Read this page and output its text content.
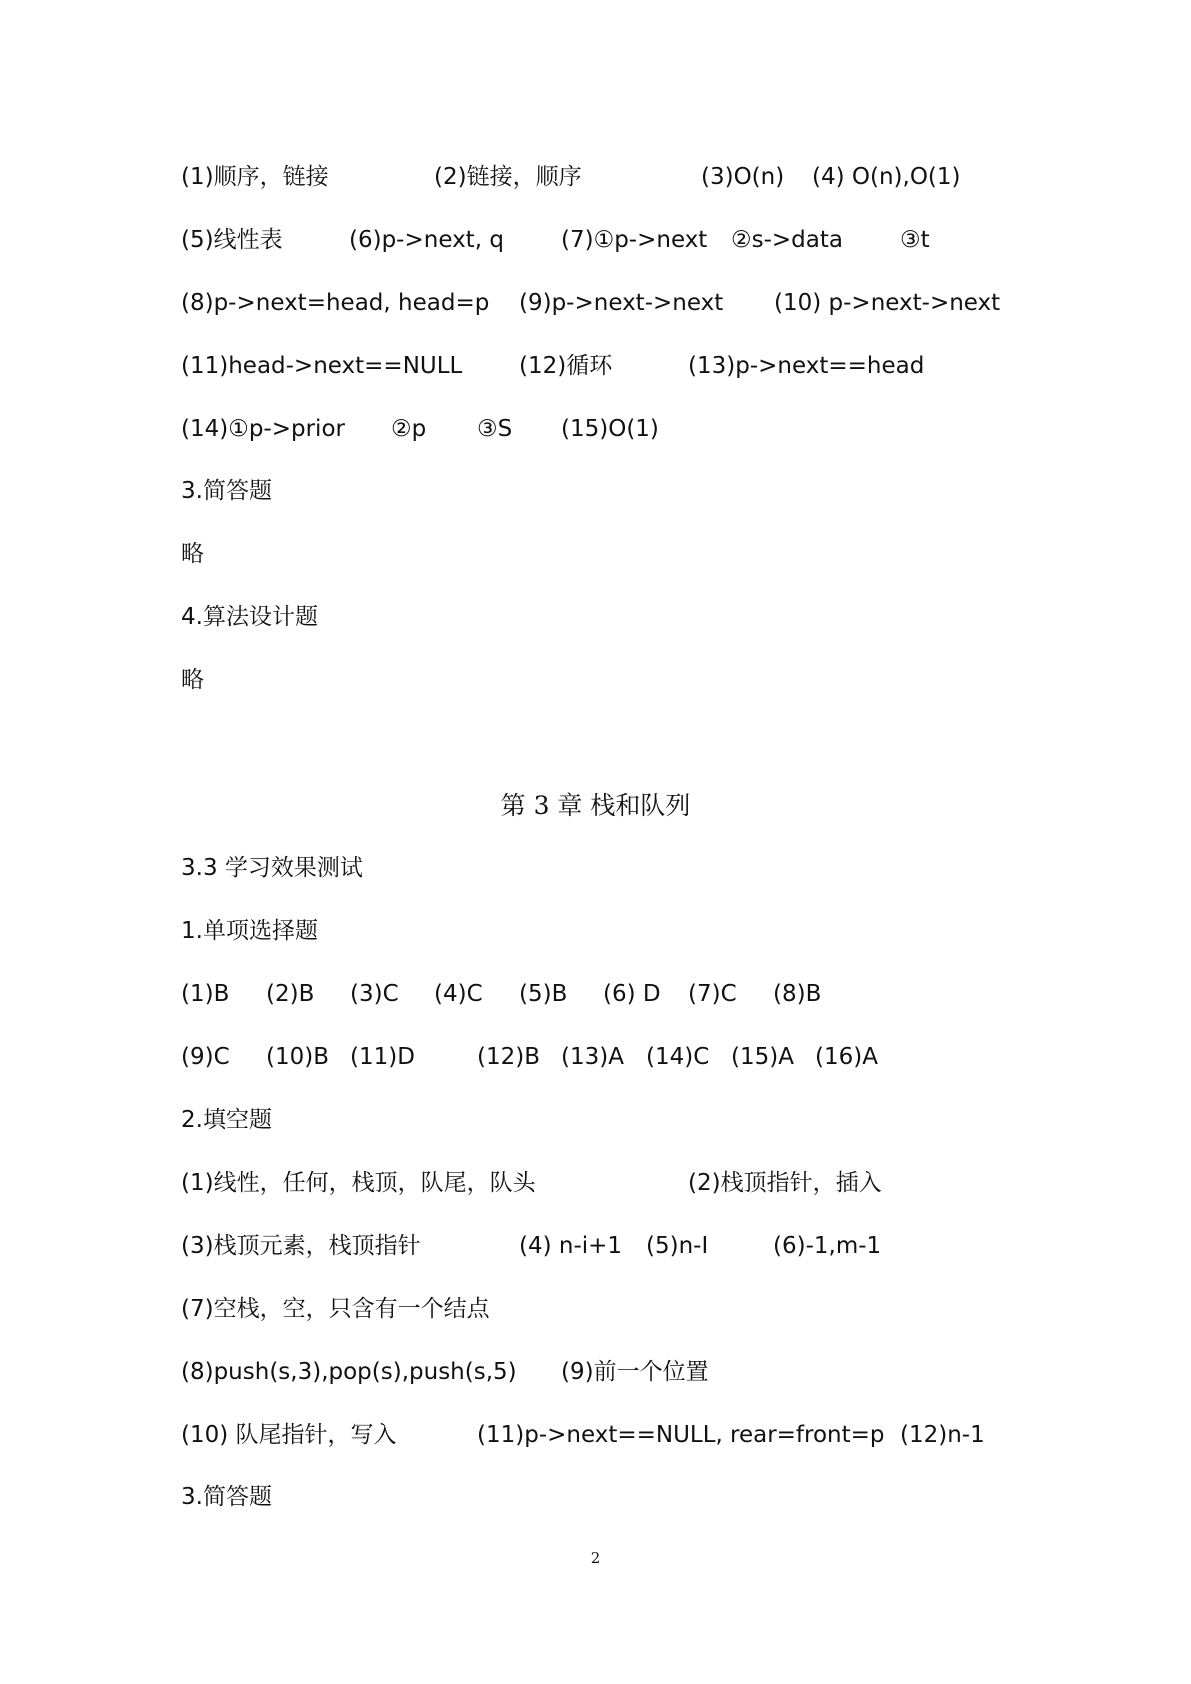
(1)顺序，链接	(2)链接，顺序	(3)O(n) (4) O(n),O(1)
(5)线性表	(6)p->next, q (7)①p->next ②s->data ③t
(8)p->next=head, head=p (9)p->next->next (10) p->next->next
(11)head->next==NULL (12)循环	(13)p->next==head
(14)①p->prior ②p ③S (15)O(1)
3.简答题
略
4.算法设计题
略
第 3 章 栈和队列
3.3 学习效果测试
1.单项选择题
(1)B (2)B (3)C (4)C (5)B (6) D (7)C (8)B
(9)C (10)B (11)D	(12)B (13)A (14)C (15)A (16)A
2.填空题
(1)线性，任何，栈顶，队尾，队头	(2)栈顶指针，插入
(3)栈顶元素，栈顶指针	(4) n-i+1 (5)n-I	(6)-1,m-1
(7)空栈，空，只含有一个结点
(8)push(s,3),pop(s),push(s,5) (9)前一个位置
(10) 队尾指针，写入	(11)p->next==NULL, rear=front=p (12)n-1
3.简答题
2
